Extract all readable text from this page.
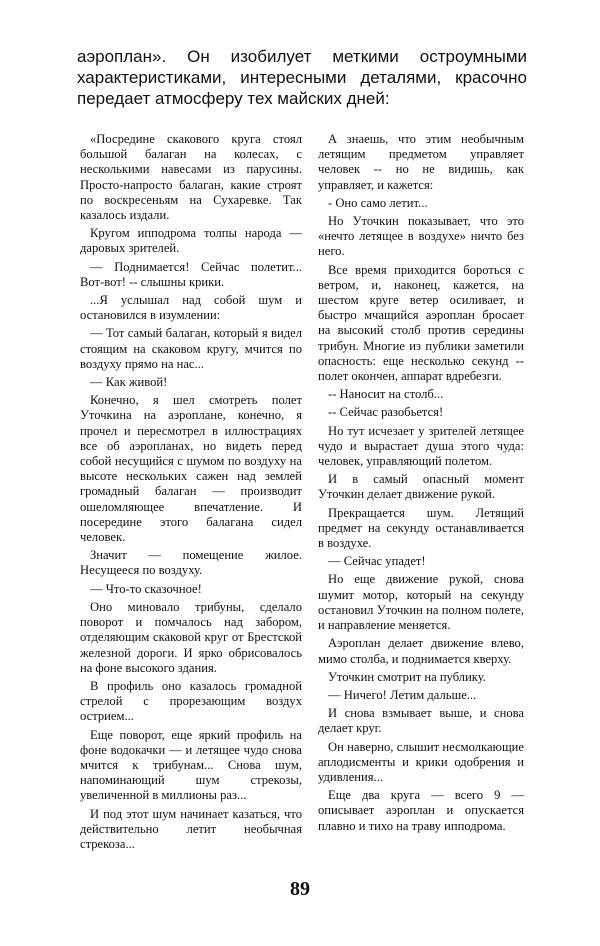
аэроплан». Он изобилует меткими остроумными характеристиками, интересными деталями, красочно передает атмосферу тех майских дней:

«Посредине скакового круга стоял большой балаган на колесах, с несколькими навесами из парусины. Просто-напросто балаган, какие строят по воскресеньям на Сухаревке. Так казалось издали.

Кругом ипподрома толпы народа — даровых зрителей.

— Поднимается! Сейчас полетит... Вот-вот! -- слышны крики.

...Я услышал над собой шум и остановился в изумлении:

— Тот самый балаган, который я видел стоящим на скаковом кругу, мчится по воздуху прямо на нас...

— Как живой!

Конечно, я шел смотреть полет Уточкина на аэроплане, конечно, я прочел и пересмотрел в иллюстрациях все об аэропланах, но видеть перед собой несущийся с шумом по воздуху на высоте нескольких сажен над землей громадный балаган — производит ошеломляющее впечатление. И посередине этого балагана сидел человек.

Значит — помещение жилое. Несущееся по воздуху.

— Что-то сказочное!

Оно миновало трибуны, сделало поворот и помчалось над забором, отделяющим скаковой круг от Брестской железной дороги. И ярко обрисовалось на фоне высокого здания.

В профиль оно казалось громадной стрелой с прорезающим воздух острием...

Еще поворот, еще яркий профиль на фоне водокачки — и летящее чудо снова мчится к трибунам... Снова шум, напоминающий шум стрекозы, увеличенной в миллионы раз...

И под этот шум начинает казаться, что действительно летит необычная стрекоза...

А знаешь, что этим необычным летящим предметом управляет человек -- но не видишь, как управляет, и кажется:

- Оно само летит...

Но Уточкин показывает, что это «нечто летящее в воздухе» ничто без него.

Все время приходится бороться с ветром, и, наконец, кажется, на шестом круге ветер осиливает, и быстро мчащийся аэроплан бросает на высокий столб против середины трибун. Многие из публики заметили опасность: еще несколько секунд -- полет окончен, аппарат вдребезги.

-- Наносит на столб...

-- Сейчас разобьется!

Но тут исчезает у зрителей летящее чудо и вырастает душа этого чуда: человек, управляющий полетом.

И в самый опасный момент Уточкин делает движение рукой.

Прекращается шум. Летящий предмет на секунду останавливается в воздухе.

— Сейчас упадет!

Но еще движение рукой, снова шумит мотор, который на секунду остановил Уточкин на полном полете, и направление меняется.

Аэроплан делает движение влево, мимо столба, и поднимается кверху.

Уточкин смотрит на публику.

— Ничего! Летим дальше...

И снова взмывает выше, и снова делает круг.

Он наверно, слышит несмолкающие аплодисменты и крики одобрения и удивления...

Еще два круга — всего 9 — описывает аэроплан и опускается плавно и тихо на траву ипподрома.

89
